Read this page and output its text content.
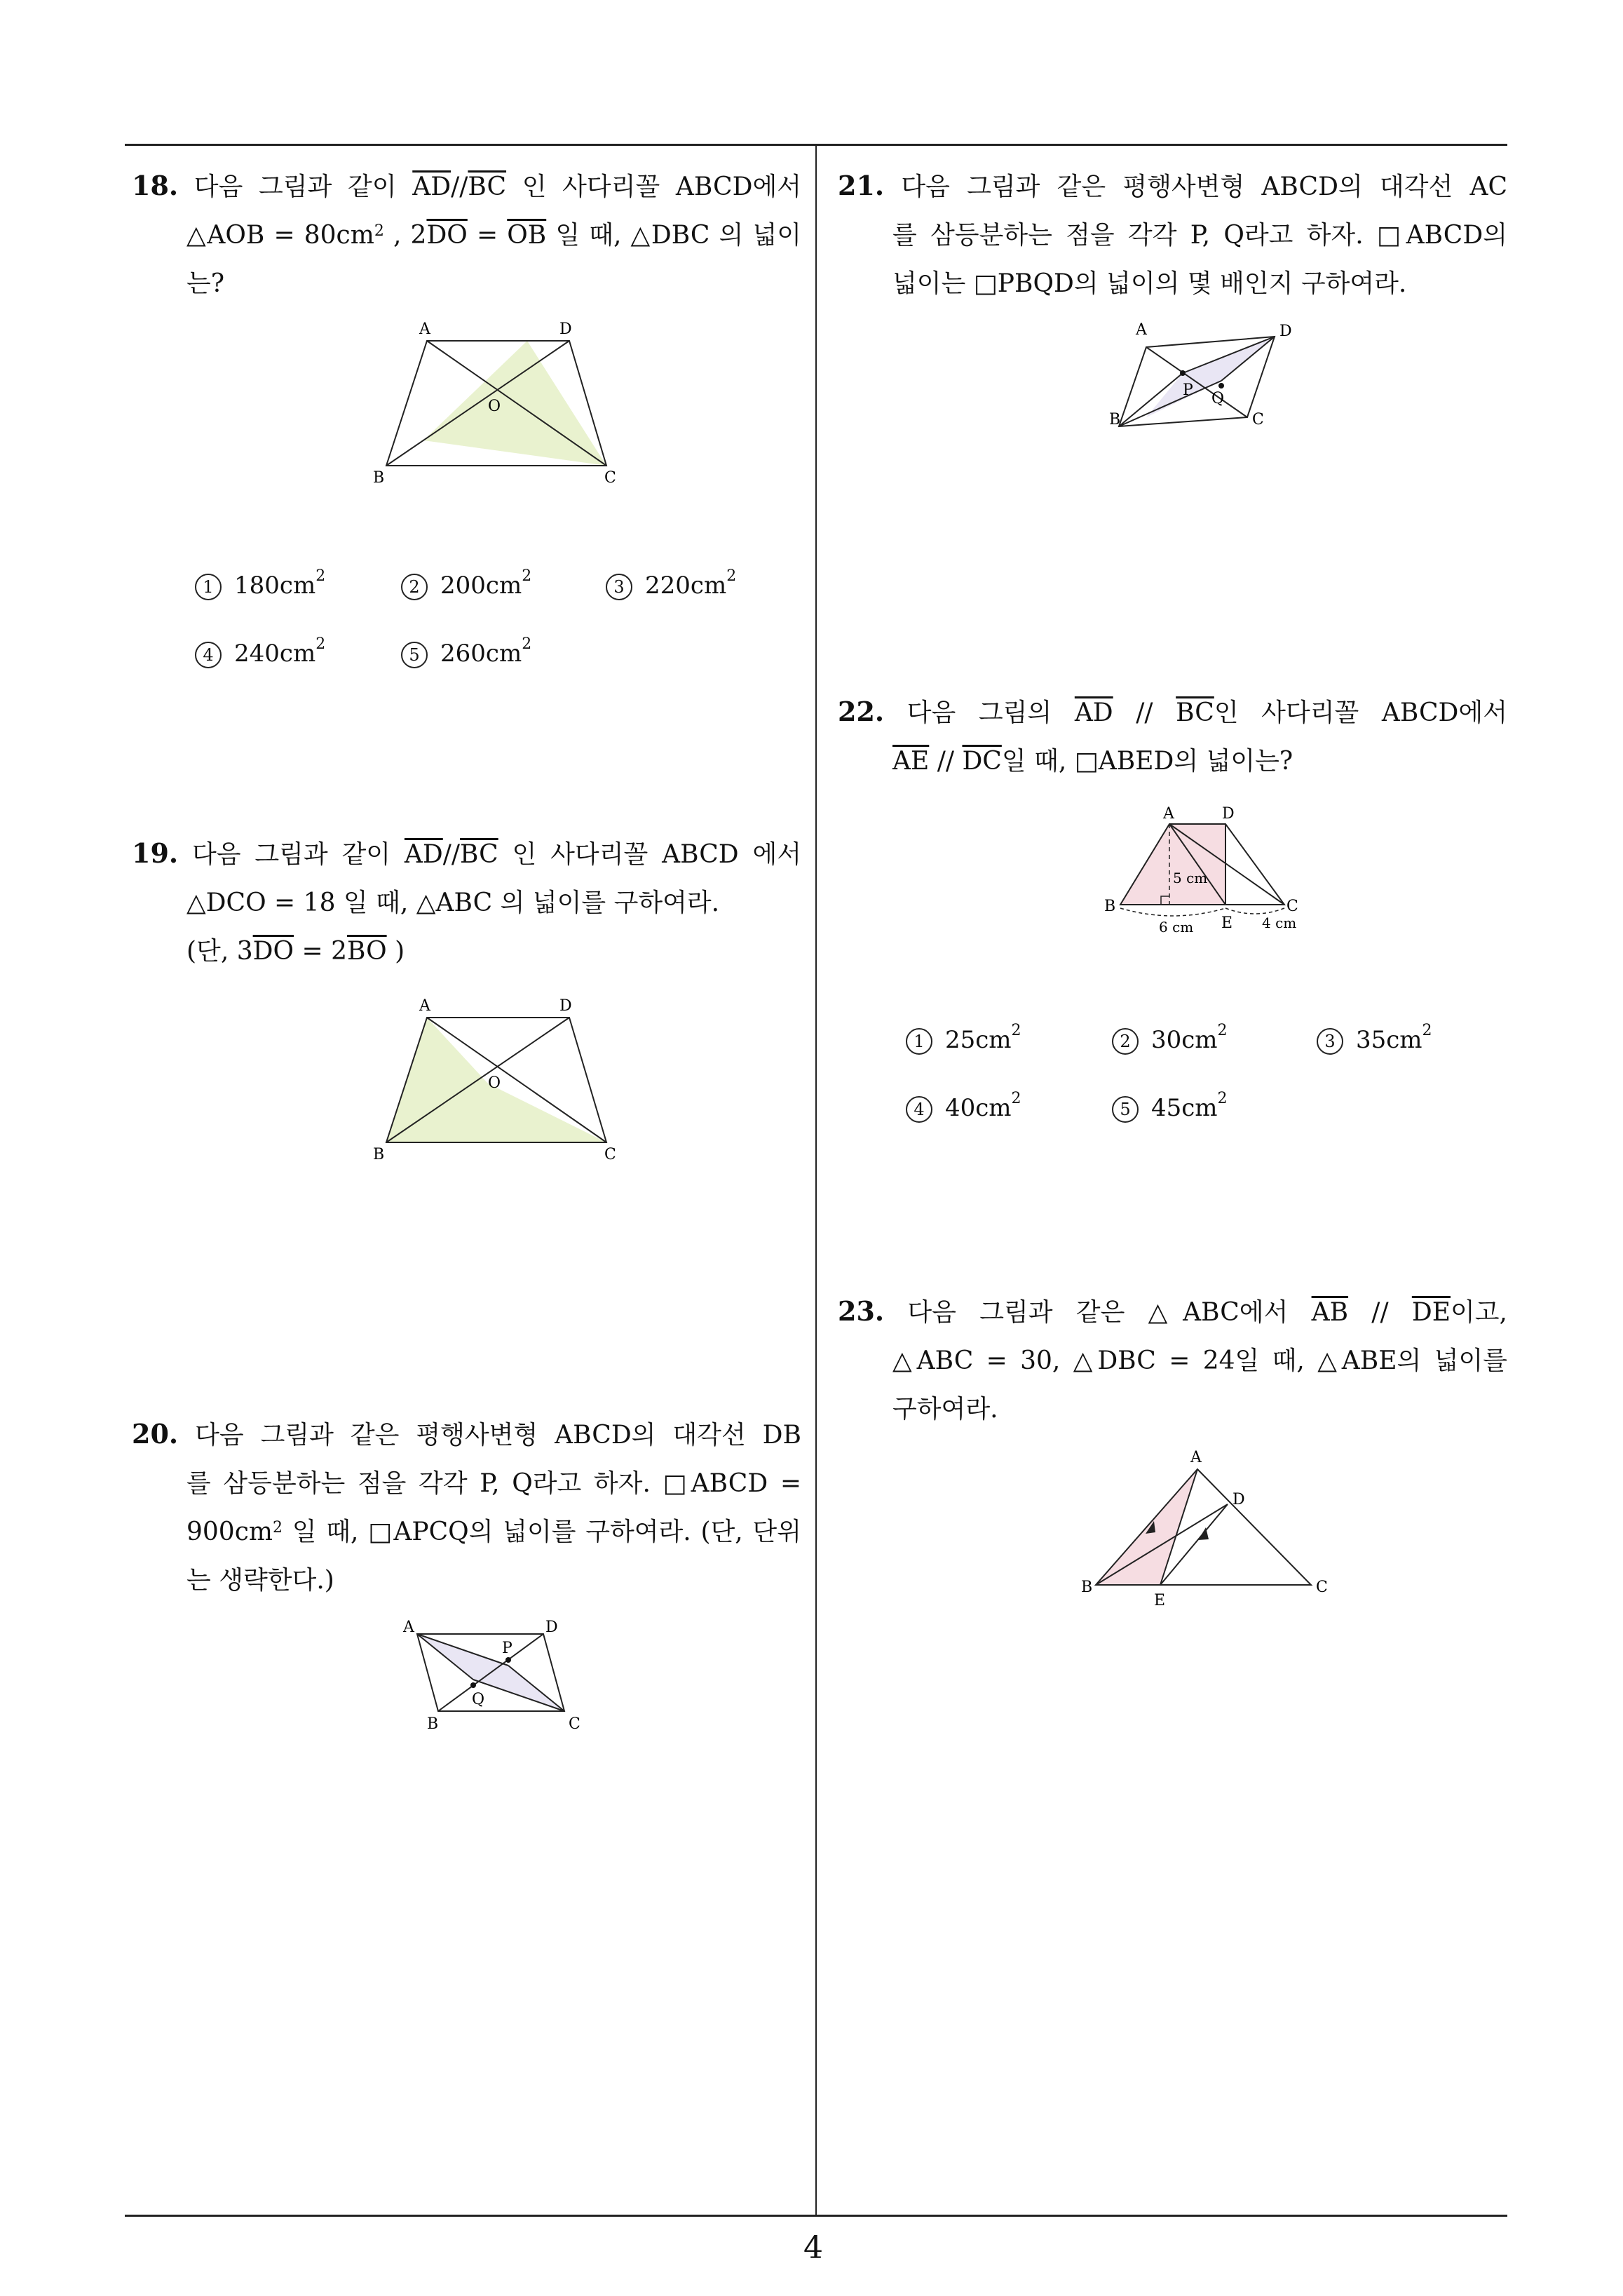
18. 다음 그림과 같이 $\overline{AD}//\overline{BC}$ 인 사다리꼴 ABCD에서
△AOB = $80cm^2$ , $2\overline{DO} = \overline{OB}$ 일 때, △DBC 의 넓이
는?
A	D
B	C
O
1 $180cm^2$
2 $200cm^2$
3 $220cm^2$
4 $240cm^2$
5 $260cm^2$
19. 다음 그림과 같이 $\overline{AD}//\overline{BC}$ 인 사다리꼴 ABCD 에서
△DCO = 18 일 때, △ABC 의 넓이를 구하여라.
(단, $3\overline{DO} = 2\overline{BO}$ )
A	D
B	C
O
20. 다음 그림과 같은 평행사변형 ABCD의 대각선 DB
를 삼등분하는 점을 각각 P, Q라고 하자. □ABCD =
$900cm^2$ 일 때, □APCQ의 넓이를 구하여라. (단, 단위
는 생략한다.)
A	D
B	C
P
Q
21. 다음 그림과 같은 평행사변형 ABCD의 대각선 AC
를 삼등분하는 점을 각각 P, Q라고 하자. □ABCD의
넓이는 □PBQD의 넓이의 몇 배인지 구하여라.
A	D
B	C
P Q
22. 다음 그림의 $\overline{AD} // \overline{BC}$인 사다리꼴 ABCD에서
$\overline{AE} // \overline{DC}$일 때, □ABED의 넓이는?
A	D
B	C
E
5 cm
6 cm	4 cm
1 $25cm^2$
2 $30cm^2$
3 $35cm^2$
4 $40cm^2$
5 $45cm^2$
23. 다음 그림과 같은 △ABC에서 $\overline{AB} // \overline{DE}$이고,
△ABC = 30, △DBC = 24일 때, △ABE의 넓이를
구하여라.
A
D
B	C
E
4
